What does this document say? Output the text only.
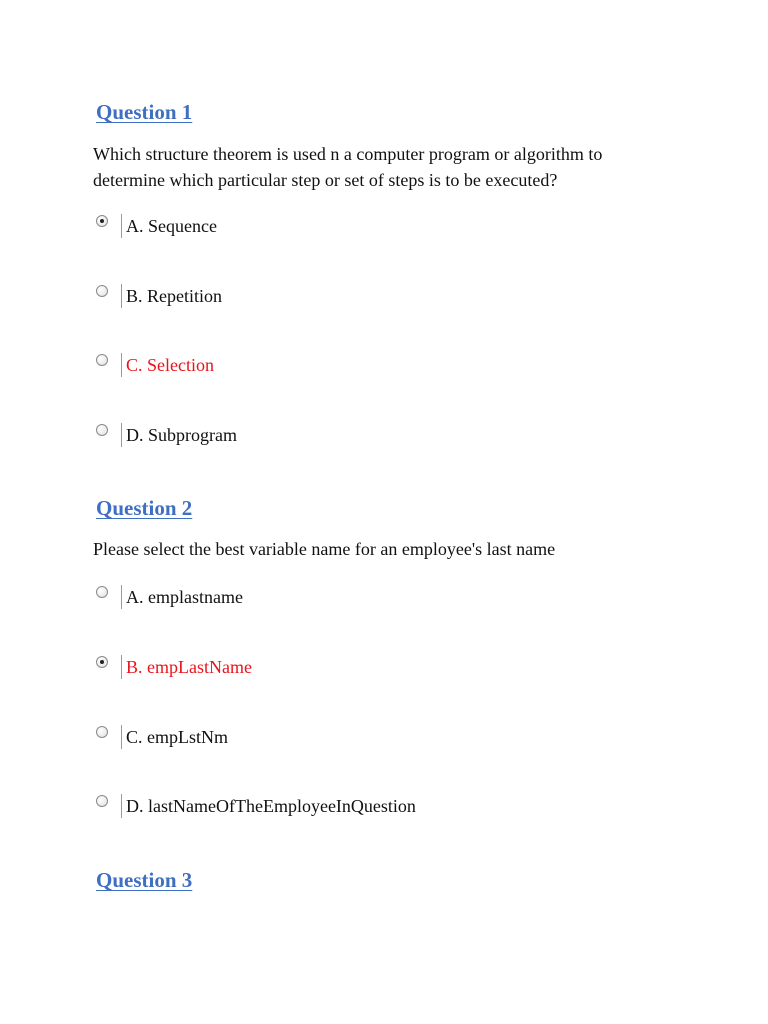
Question 1
Which structure theorem is used n a computer program or algorithm to determine which particular step or set of steps is to be executed?
A. Sequence
B. Repetition
C. Selection
D. Subprogram
Question 2
Please select the best variable name for an employee's last name
A. emplastname
B. empLastName
C. empLstNm
D. lastNameOfTheEmployeeInQuestion
Question 3
